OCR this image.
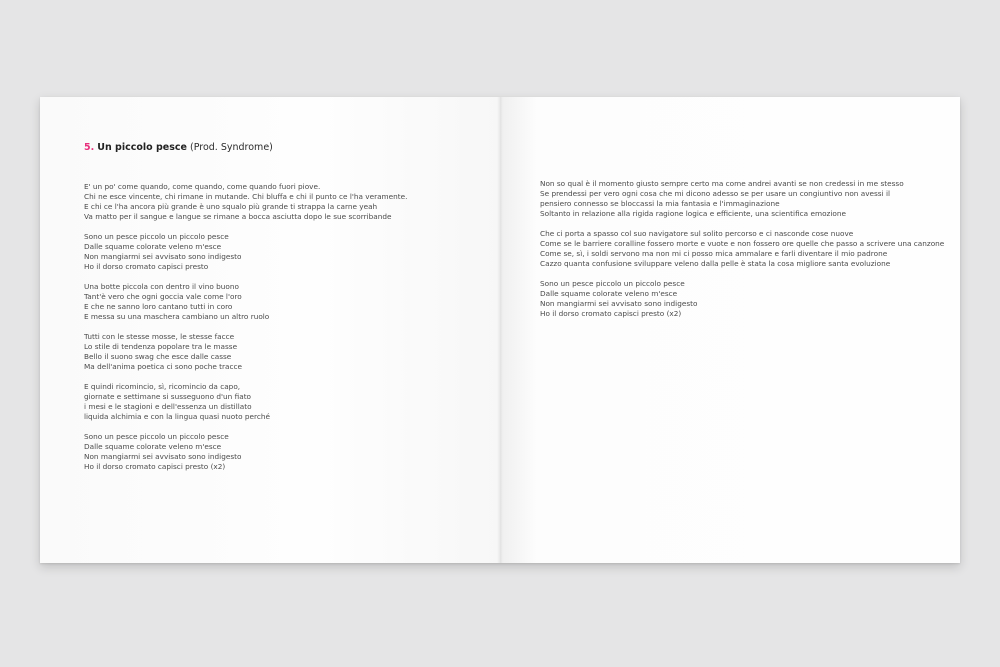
5. Un piccolo pesce (Prod. Syndrome)
E' un po' come quando, come quando, come quando fuori piove.
Chi ne esce vincente, chi rimane in mutande. Chi bluffa e chi il punto ce l'ha veramente.
E chi ce l'ha ancora più grande è uno squalo più grande ti strappa la carne yeah
Va matto per il sangue e langue se rimane a bocca asciutta dopo le sue scorribande
Sono un pesce piccolo un piccolo pesce
Dalle squame colorate veleno m'esce
Non mangiarmi sei avvisato sono indigesto
Ho il dorso cromato capisci presto
Una botte piccola con dentro il vino buono
Tant'è vero che ogni goccia vale come l'oro
E che ne sanno loro cantano tutti in coro
E messa su una maschera cambiano un altro ruolo
Tutti con le stesse mosse, le stesse facce
Lo stile di tendenza popolare tra le masse
Bello il suono swag che esce dalle casse
Ma dell'anima poetica ci sono poche tracce
E quindi ricomincio, sì, ricomincio da capo,
giornate e settimane si susseguono d'un fiato
i mesi e le stagioni e dell'essenza un distillato
liquida alchimia e con la lingua quasi nuoto perché
Sono un pesce piccolo un piccolo pesce
Dalle squame colorate veleno m'esce
Non mangiarmi sei avvisato sono indigesto
Ho il dorso cromato capisci presto (x2)
Non so qual è il momento giusto sempre certo ma come andrei avanti se non credessi in me stesso
Se prendessi per vero ogni cosa che mi dicono adesso se per usare un congiuntivo non avessi il
pensiero connesso se bloccassi la mia fantasia e l'immaginazione
Soltanto in relazione alla rigida ragione logica e efficiente, una scientifica emozione
Che ci porta a spasso col suo navigatore sul solito percorso e ci nasconde cose nuove
Come se le barriere coralline fossero morte e vuote e non fossero ore quelle che passo a scrivere una canzone
Come se, sì, i soldi servono ma non mi ci posso mica ammalare e farli diventare il mio padrone
Cazzo quanta confusione sviluppare veleno dalla pelle è stata la cosa migliore santa evoluzione
Sono un pesce piccolo un piccolo pesce
Dalle squame colorate veleno m'esce
Non mangiarmi sei avvisato sono indigesto
Ho il dorso cromato capisci presto (x2)
